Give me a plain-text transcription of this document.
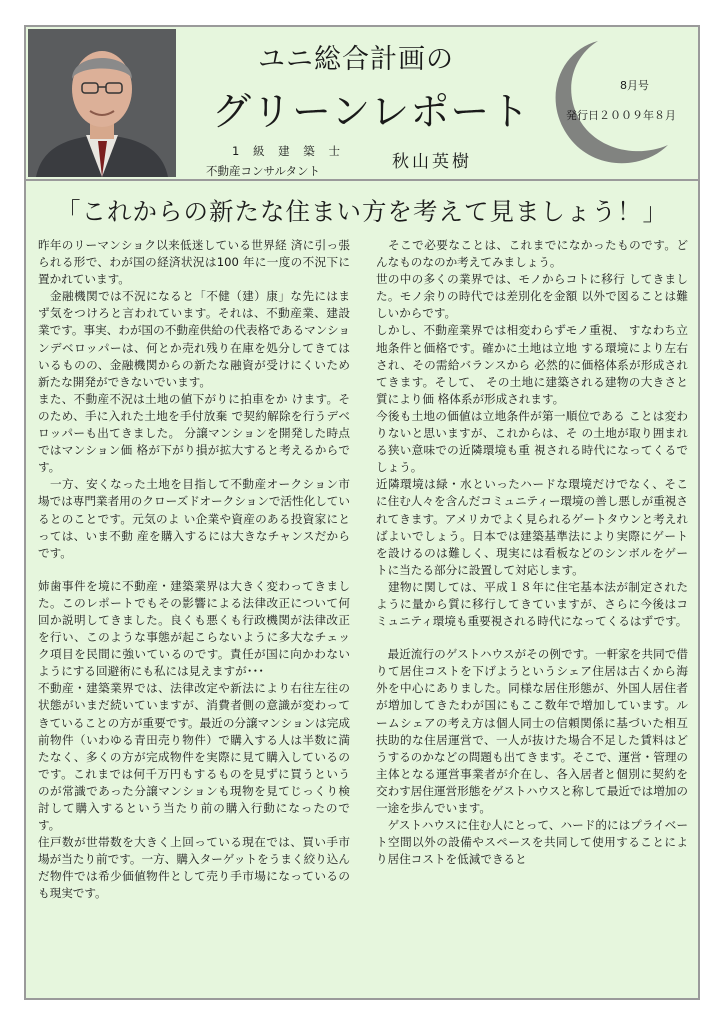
ユニ総合計画の
グリーンレポート
1 級 建 築 士
不動産コンサルタント	秋山英樹
8月号
発行日２００９年８月
「これからの新たな住まい方を考えて見ましょう！」

昨年のリーマンショク以来低迷している世界経 済に引っ張られる形で、わが国の経済状況は100 年に一度の不況下に置かれています。

　金融機関では不況になると「不健（建）康」な先にはまず気をつけろと言われています。それは、不動産業、建設業です。事実、わが国の不動産供給の代表格であるマンションデベロッパーは、何とか売れ残り在庫を処分してきてはいるものの、金融機関からの新たな融資が受けにくいため新たな開発ができないでいます。

また、不動産不況は土地の値下がりに拍車をか けます。そのため、手に入れた土地を手付放棄 で契約解除を行うデベロッパーも出てきました。 分譲マンションを開発した時点ではマンション価 格が下がり損が拡大すると考えるからです。

　一方、安くなった土地を目指して不動産オークション市場では専門業者用のクローズドオークションで活性化しているとのことです。元気のよ い企業や資産のある投資家にとっては、いま不動 産を購入するには大きなチャンスだからです。

姉歯事件を境に不動産・建築業界は大きく変わってきました。このレポートでもその影響による法律改正について何回か説明してきました。良くも悪くも行政機関が法律改正を行い、このような事態が起こらないように多大なチェック項目を民間に強いているのです。責任が国に向かわないようにする回避術にも私には見えますが･･･

不動産・建築業界では、法律改定や新法により右往左往の状態がいまだ続いていますが、消費者側の意識が変わってきていることの方が重要です。最近の分譲マンションは完成前物件（いわゆる青田売り物件）で購入する人は半数に満たなく、多くの方が完成物件を実際に見て購入しているのです。これまでは何千万円もするものを見ずに買うというのが常識であった分譲マンションも現物を見てじっくり検討して購入するという当たり前の購入行動になったのです。

住戸数が世帯数を大きく上回っている現在では、買い手市場が当たり前です。一方、購入ターゲットをうまく絞り込んだ物件では希少価値物件として売り手市場になっているのも現実です。

　そこで必要なことは、これまでになかったものです。どんなものなのか考えてみましょう。

世の中の多くの業界では、モノからコトに移行 してきました。モノ余りの時代では差別化を金額 以外で図ることは難しいからです。

しかし、不動産業界では相変わらずモノ重視、 すなわち立地条件と価格です。確かに土地は立地 する環境により左右され、その需給バランスから 必然的に価格体系が形成されてきます。そして、 その土地に建築される建物の大きさと質により価 格体系が形成されます。

今後も土地の価値は立地条件が第一順位である ことは変わりないと思いますが、これからは、そ の土地が取り囲まれる狭い意味での近隣環境も重 視される時代になってくるでしょう。

近隣環境は緑・水といったハードな環境だけでなく、そこに住む人々を含んだコミュニティー環境の善し悪しが重視されてきます。アメリカでよく見られるゲートタウンと考えればよいでしょう。日本では建築基準法により実際にゲートを設けるのは難しく、現実には看板などのシンボルをゲートに当たる部分に設置して対応します。

　建物に関しては、平成１８年に住宅基本法が制定されたように量から質に移行してきていますが、さらに今後はコミュニティ環境も重要視される時代になってくるはずです。

　最近流行のゲストハウスがその例です。一軒家を共同で借りて居住コストを下げようというシェア住居は古くから海外を中心にありました。同様な居住形態が、外国人居住者が増加してきたわが国にもここ数年で増加しています。ルームシェアの考え方は個人同士の信頼関係に基づいた相互扶助的な住居運営で、一人が抜けた場合不足した賃料はどうするのかなどの問題も出てきます。そこで、運営・管理の主体となる運営事業者が介在し、各入居者と個別に契約を交わす居住運営形態をゲストハウスと称して最近では増加の一途を歩んでいます。

　ゲストハウスに住む人にとって、ハード的にはプライベート空間以外の設備やスペースを共同して使用することにより居住コストを低減できると
